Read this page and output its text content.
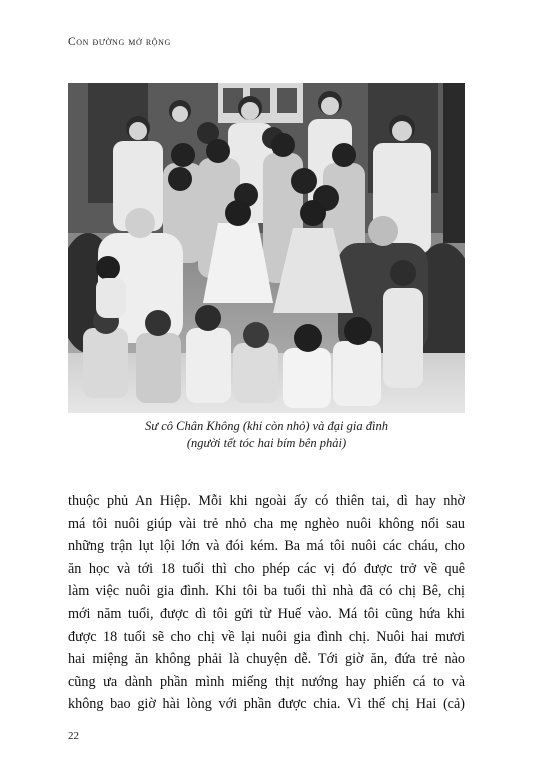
Con đường mở rộng
Sư cô Chân Không (khi còn nhỏ) và đại gia đình
(người tết tóc hai bím bên phải)
thuộc phủ An Hiệp. Mỗi khi ngoài ấy có thiên tai, dì hay nhờ
má tôi nuôi giúp vài trẻ nhỏ cha mẹ nghèo nuôi không nổi sau
những trận lụt lội lớn và đói kém. Ba má tôi nuôi các cháu, cho
ăn học và tới 18 tuổi thì cho phép các vị đó được trở về quê
làm việc nuôi gia đình. Khi tôi ba tuổi thì nhà đã có chị Bê, chị
mới năm tuổi, được dì tôi gửi từ Huế vào. Má tôi cũng hứa khi
được 18 tuổi sẽ cho chị về lại nuôi gia đình chị. Nuôi hai mươi
hai miệng ăn không phải là chuyện dễ. Tới giờ ăn, đứa trẻ nào
cũng ưa dành phần mình miếng thịt nướng hay phiến cá to và
không bao giờ hài lòng với phần được chia. Vì thế chị Hai (cả)
22
